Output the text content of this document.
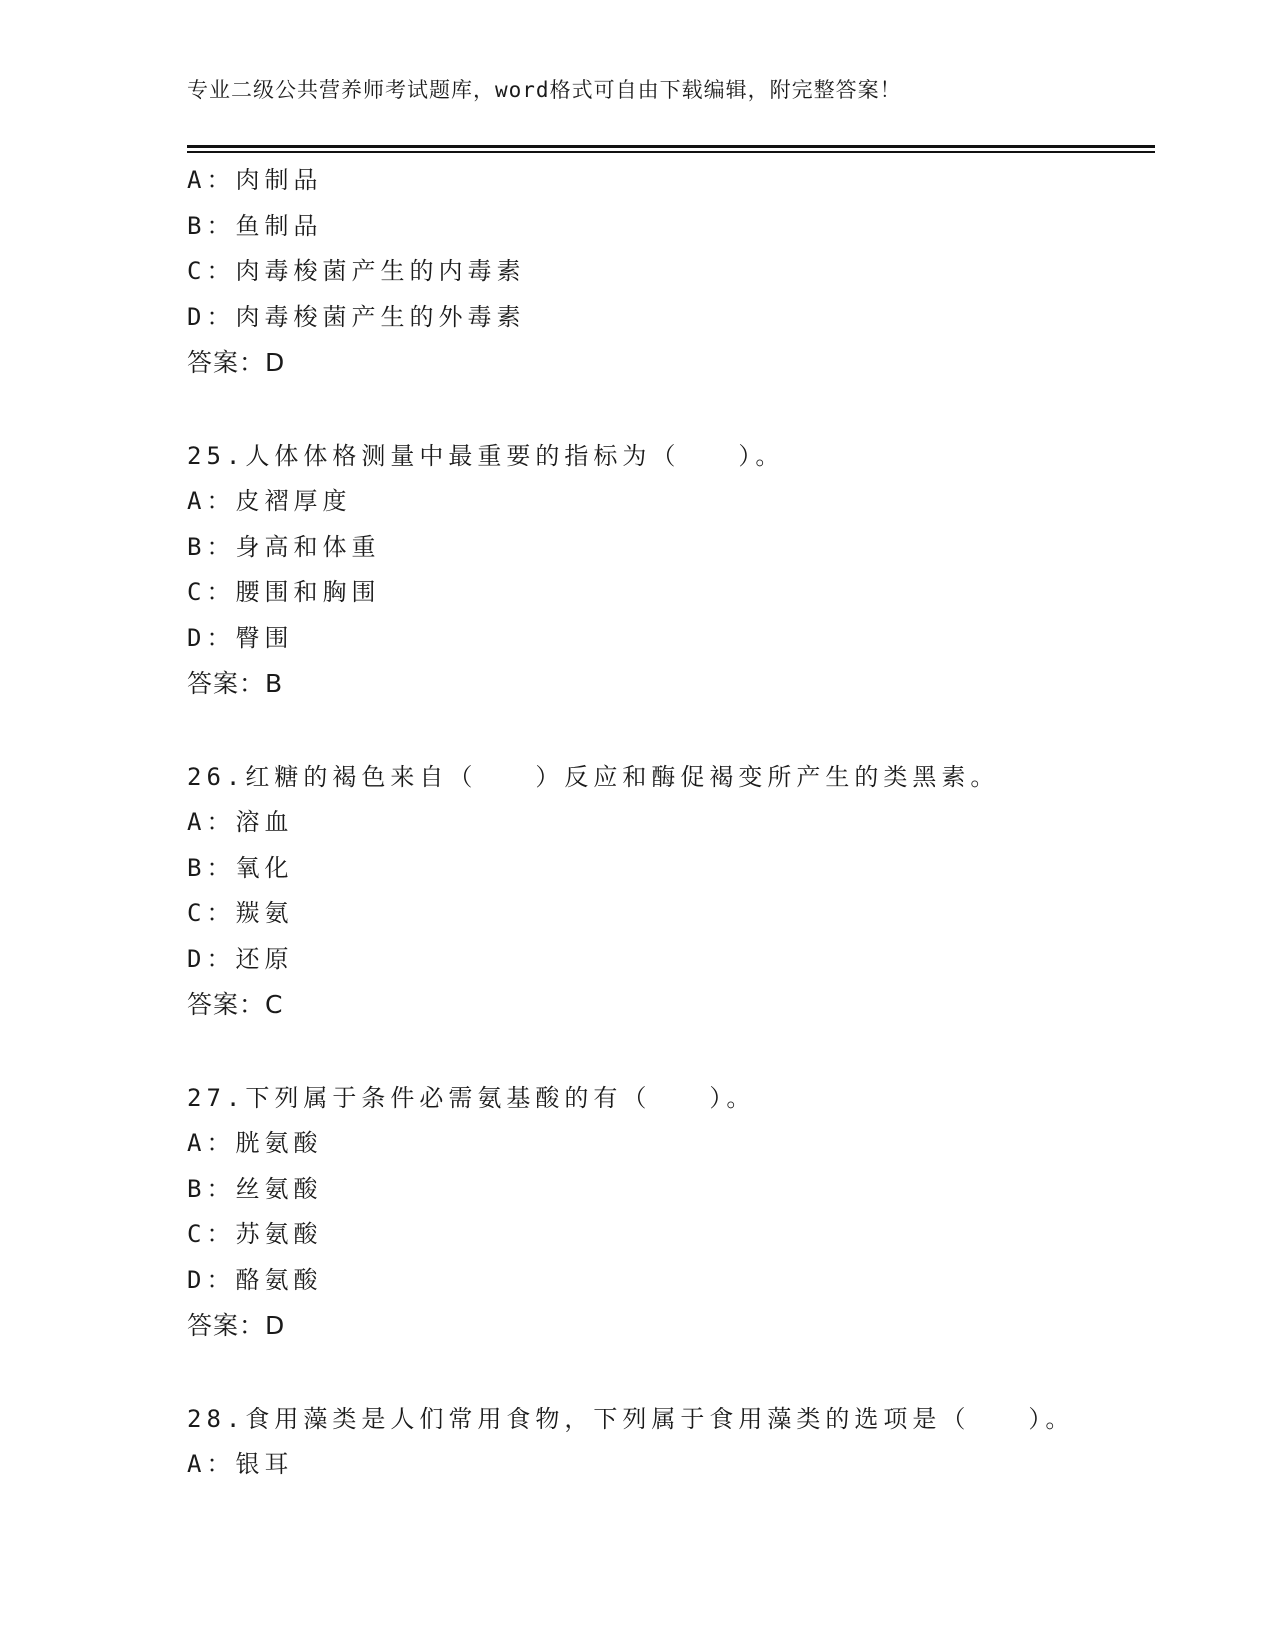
专业二级公共营养师考试题库，word格式可自由下载编辑，附完整答案！
A：肉制品
B：鱼制品
C：肉毒梭菌产生的内毒素
D：肉毒梭菌产生的外毒素
答案：D
25.人体体格测量中最重要的指标为（　　）。
A：皮褶厚度
B：身高和体重
C：腰围和胸围
D：臀围
答案：B
26.红糖的褐色来自（　　）反应和酶促褐变所产生的类黑素。
A：溶血
B：氧化
C：羰氨
D：还原
答案：C
27.下列属于条件必需氨基酸的有（　　）。
A：胱氨酸
B：丝氨酸
C：苏氨酸
D：酪氨酸
答案：D
28.食用藻类是人们常用食物，下列属于食用藻类的选项是（　　）。
A：银耳
